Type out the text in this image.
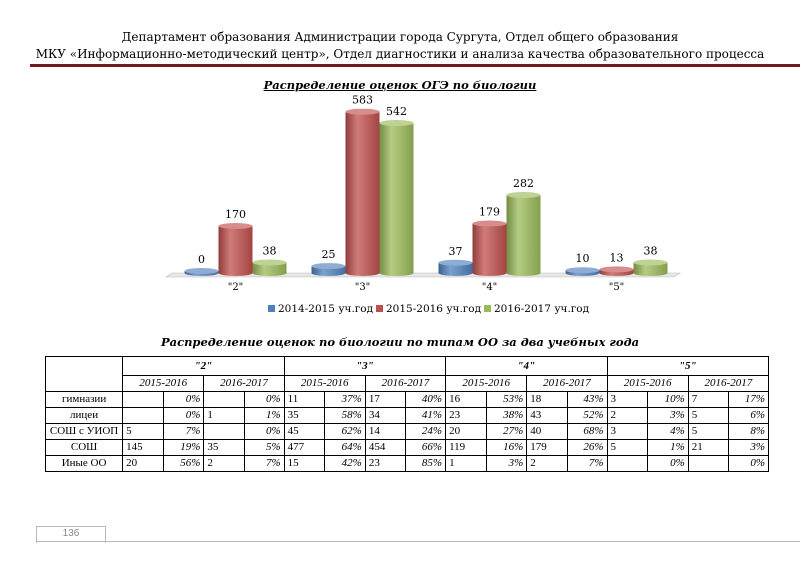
Департамент образования Администрации города Сургута, Отдел общего образования
МКУ «Информационно-методический центр», Отдел диагностики и анализа качества образовательного процесса
Распределение оценок ОГЭ по биологии
0
170
38
"2"
25
583
542
"3"
37
179
282
"4"
10 13
38
"5"
2014-2015 уч.год 2015-2016 уч.год 2016-2017 уч.год
Распределение оценок по биологии по типам ОО за два учебных года
	"2"				"3"				"4"				"5"			
	2015-2016		2016-2017		2015-2016		2016-2017		2015-2016		2016-2017		2015-2016		2016-2017	
гимназии		0%		0%	11	37%	17	40%	16	53%	18	43%	3	10%	7	17%
лицеи		0%	1	1%	35	58%	34	41%	23	38%	43	52%	2	3%	5	6%
СОШ с УИОП	5	7%		0%	45	62%	14	24%	20	27%	40	68%	3	4%	5	8%
СОШ	145	19%	35	5%	477	64%	454	66%	119	16%	179	26%	5	1%	21	3%
Иные ОО	20	56%	2	7%	15	42%	23	85%	1	3%	2	7%		0%		0%
136
